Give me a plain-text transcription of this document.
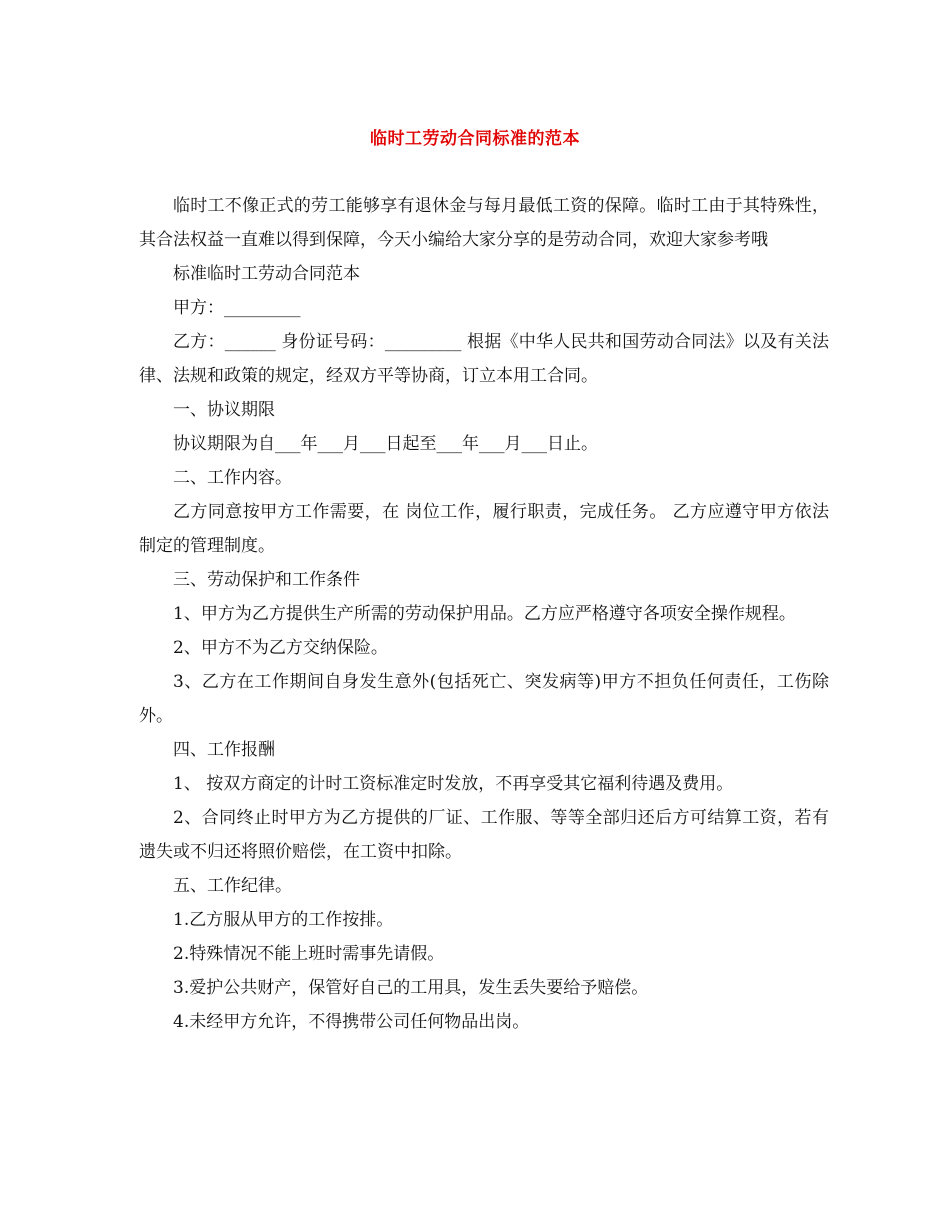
临时工劳动合同标准的范本

临时工不像正式的劳工能够享有退休金与每月最低工资的保障。临时工由于其特殊性，其合法权益一直难以得到保障，今天小编给大家分享的是劳动合同，欢迎大家参考哦

标准临时工劳动合同范本

甲方：_________

乙方：______ 身份证号码：_________ 根据《中华人民共和国劳动合同法》以及有关法律、法规和政策的规定，经双方平等协商，订立本用工合同。

一、协议期限

协议期限为自___年___月___日起至___年___月___日止。

二、工作内容。

乙方同意按甲方工作需要，在 岗位工作，履行职责，完成任务。 乙方应遵守甲方依法制定的管理制度。

三、劳动保护和工作条件

1、甲方为乙方提供生产所需的劳动保护用品。乙方应严格遵守各项安全操作规程。

2、甲方不为乙方交纳保险。

3、乙方在工作期间自身发生意外(包括死亡、突发病等)甲方不担负任何责任，工伤除外。

四、工作报酬

1、 按双方商定的计时工资标准定时发放，不再享受其它福利待遇及费用。

2、合同终止时甲方为乙方提供的厂证、工作服、等等全部归还后方可结算工资，若有遗失或不归还将照价赔偿，在工资中扣除。

五、工作纪律。

1.乙方服从甲方的工作按排。

2.特殊情况不能上班时需事先请假。

3.爱护公共财产，保管好自己的工用具，发生丢失要给予赔偿。

4.未经甲方允许，不得携带公司任何物品出岗。
